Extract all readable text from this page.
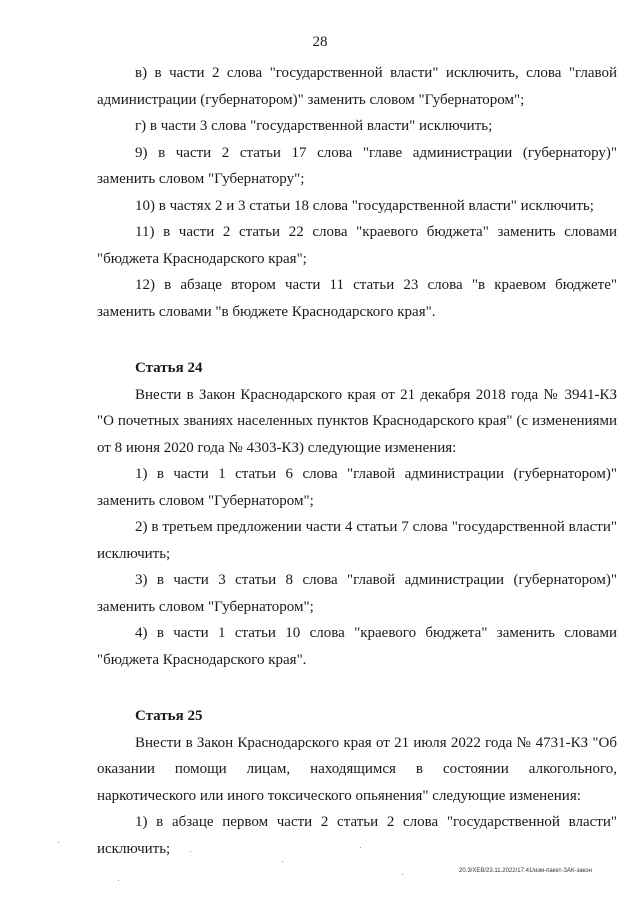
28

в) в части 2 слова "государственной власти" исключить, слова "главой администрации (губернатором)" заменить словом "Губернатором";

г) в части 3 слова "государственной власти" исключить;

9) в части 2 статьи 17 слова "главе администрации (губернатору)" заменить словом "Губернатору";

10) в частях 2 и 3 статьи 18 слова "государственной власти" исключить;

11) в части 2 статьи 22 слова "краевого бюджета" заменить словами "бюджета Краснодарского края";

12) в абзаце втором части 11 статьи 23 слова "в краевом бюджете" заменить словами "в бюджете Краснодарского края".

Статья 24

Внести в Закон Краснодарского края от 21 декабря 2018 года № 3941-КЗ "О почетных званиях населенных пунктов Краснодарского края" (с изменениями от 8 июня 2020 года № 4303-КЗ) следующие изменения:

1) в части 1 статьи 6 слова "главой администрации (губернатором)" заменить словом "Губернатором";

2) в третьем предложении части 4 статьи 7 слова "государственной власти" исключить;

3) в части 3 статьи 8 слова "главой администрации (губернатором)" заменить словом "Губернатором";

4) в части 1 статьи 10 слова "краевого бюджета" заменить словами "бюджета Краснодарского края".

Статья 25

Внести в Закон Краснодарского края от 21 июля 2022 года № 4731-КЗ "Об оказании помощи лицам, находящимся в состоянии алкогольного, наркотического или иного токсического опьянения" следующие изменения:

1) в абзаце первом части 2 статьи 2 слова "государственной власти" исключить;

20.3/ХЕВ/23.11.2022/17:41/изм-пакет-ЗАК-закон
